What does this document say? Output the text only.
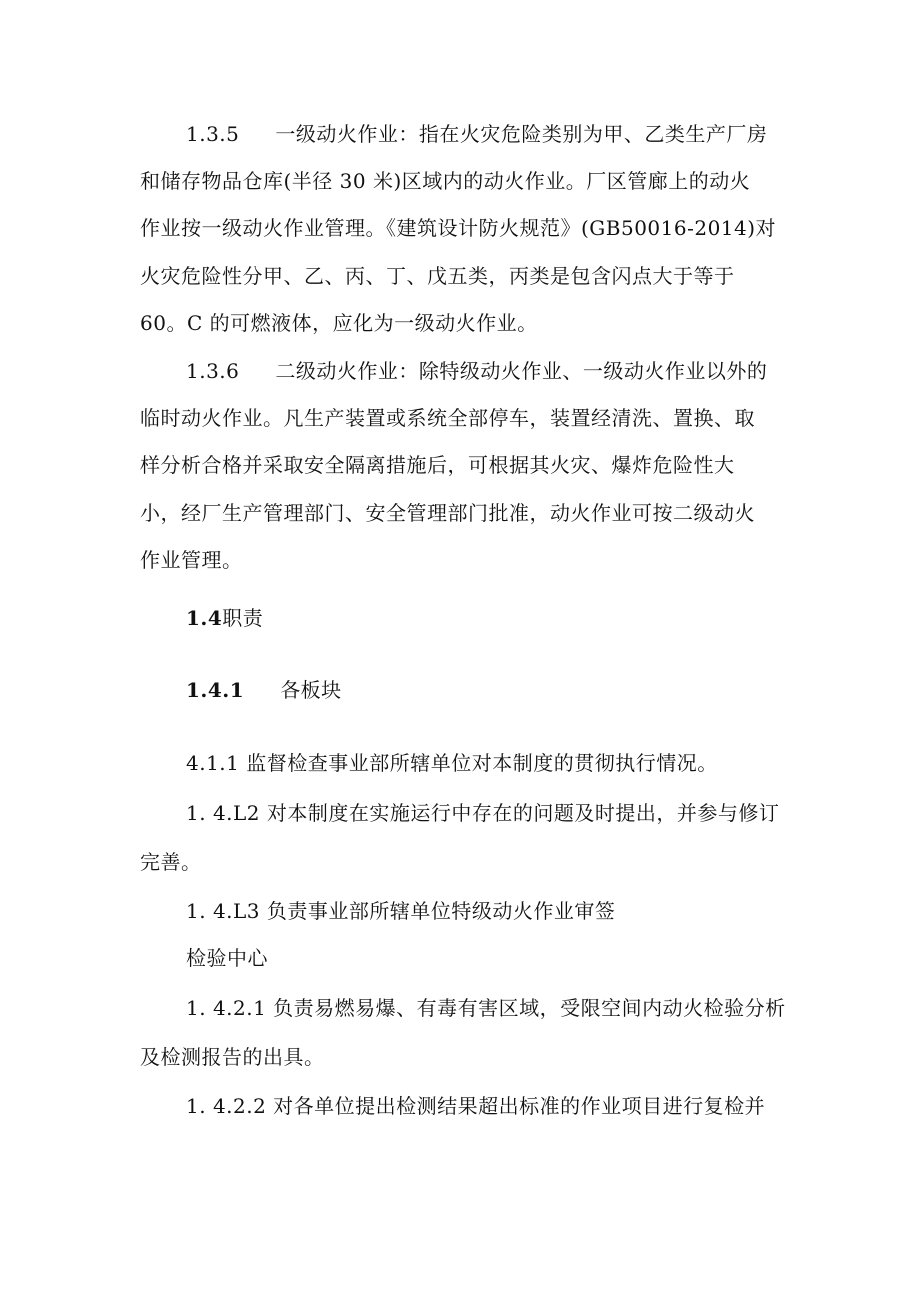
1.3.5 一级动火作业：指在火灾危险类别为甲、乙类生产厂房
和储存物品仓库(半径 30 米)区域内的动火作业。厂区管廊上的动火
作业按一级动火作业管理。《建筑设计防火规范》(GB50016-2014)对
火灾危险性分甲、乙、丙、丁、戊五类，丙类是包含闪点大于等于
60。C 的可燃液体，应化为一级动火作业。
1.3.6 二级动火作业：除特级动火作业、一级动火作业以外的
临时动火作业。凡生产装置或系统全部停车，装置经清洗、置换、取
样分析合格并采取安全隔离措施后，可根据其火灾、爆炸危险性大
小，经厂生产管理部门、安全管理部门批准，动火作业可按二级动火
作业管理。
1.4职责
1.4.1 各板块
4.1.1 监督检查事业部所辖单位对本制度的贯彻执行情况。
1. 4.L2 对本制度在实施运行中存在的问题及时提出，并参与修订
完善。
1. 4.L3 负责事业部所辖单位特级动火作业审签
检验中心
1. 4.2.1 负责易燃易爆、有毒有害区域，受限空间内动火检验分析
及检测报告的出具。
1. 4.2.2 对各单位提出检测结果超出标准的作业项目进行复检并
